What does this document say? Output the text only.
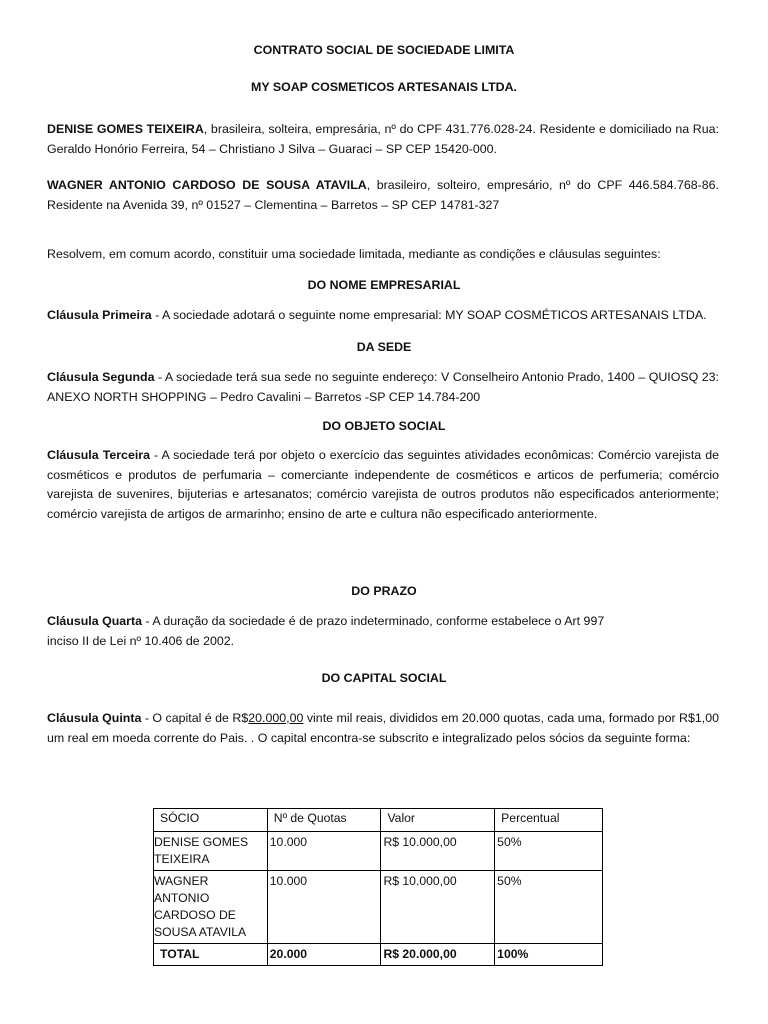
CONTRATO SOCIAL DE SOCIEDADE LIMITA
MY SOAP COSMETICOS ARTESANAIS LTDA.
DENISE GOMES TEIXEIRA, brasileira, solteira, empresária, nº do CPF 431.776.028-24. Residente e domiciliado na Rua: Geraldo Honório Ferreira, 54 – Christiano J Silva – Guaraci – SP CEP 15420-000.
WAGNER ANTONIO CARDOSO DE SOUSA ATAVILA, brasileiro, solteiro, empresário, nº do CPF 446.584.768-86. Residente na Avenida 39, nº 01527 – Clementina – Barretos – SP CEP 14781-327
Resolvem, em comum acordo, constituir uma sociedade limitada, mediante as condições e cláusulas seguintes:
DO NOME EMPRESARIAL
Cláusula Primeira - A sociedade adotará o seguinte nome empresarial: MY SOAP COSMÉTICOS ARTESANAIS LTDA.
DA SEDE
Cláusula Segunda - A sociedade terá sua sede no seguinte endereço: V Conselheiro Antonio Prado, 1400 – QUIOSQ 23: ANEXO NORTH SHOPPING – Pedro Cavalini – Barretos -SP CEP 14.784-200
DO OBJETO SOCIAL
Cláusula Terceira - A sociedade terá por objeto o exercício das seguintes atividades econômicas: Comércio varejista de cosméticos e produtos de perfumaria – comerciante independente de cosméticos e articos de perfumeria; comércio varejista de suvenires, bijuterias e artesanatos; comércio varejista de outros produtos não especificados anteriormente; comércio varejista de artigos de armarinho; ensino de arte e cultura não especificado anteriormente.
DO PRAZO
Cláusula Quarta - A duração da sociedade é de prazo indeterminado, conforme estabelece o Art 997
inciso II de Lei nº 10.406 de 2002.
DO CAPITAL SOCIAL
Cláusula Quinta - O capital é de R$20.000,00 vinte mil reais, divididos em 20.000 quotas, cada uma, formado por R$1,00 um real em moeda corrente do Pais. . O capital encontra-se subscrito e integralizado pelos sócios da seguinte forma:
SÓCIO	Nº de Quotas	Valor	Percentual
DENISE GOMES TEIXEIRA	10.000	R$ 10.000,00	50%
WAGNER ANTONIO CARDOSO DE SOUSA ATAVILA	10.000	R$ 10.000,00	50%
TOTAL	20.000	R$ 20.000,00	100%
